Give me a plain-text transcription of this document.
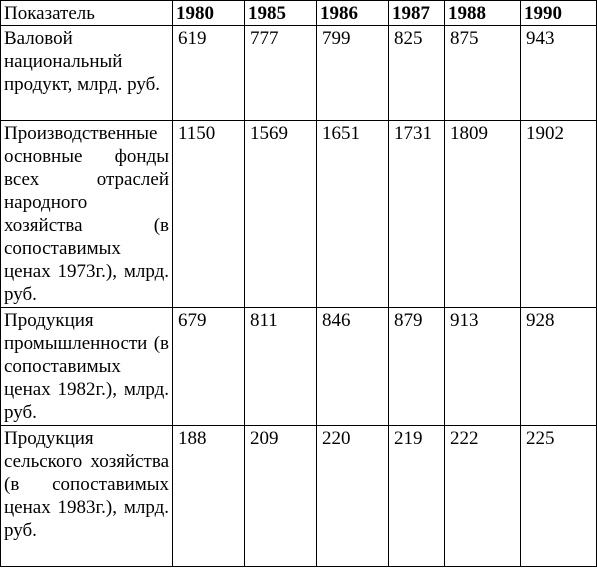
Показатель	1980	1985	1986	1987	1988	1990
Валовой национальный продукт, млрд. руб.	619	777	799	825	875	943
Производственные основные фонды всех отраслей народного хозяйства (в сопоставимых ценах 1973г.), млрд. руб.	1150	1569	1651	1731	1809	1902
Продукция промышленности (в сопоставимых ценах 1982г.), млрд. руб.	679	811	846	879	913	928
Продукция сельского хозяйства (в сопоставимых ценах 1983г.), млрд. руб.	188	209	220	219	222	225
